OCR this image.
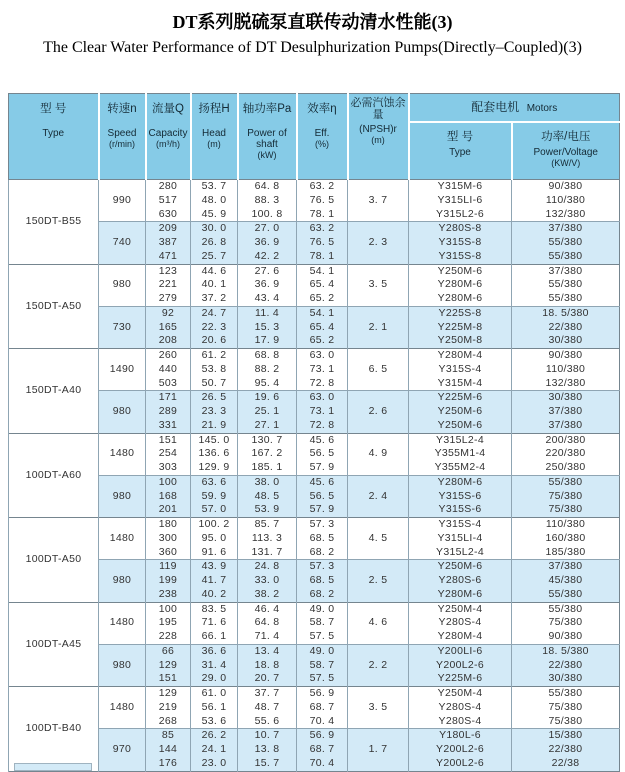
DT系列脱硫泵直联传动清水性能(3)
The Clear Water Performance of DT Desulphurization Pumps(Directly–Coupled)(3)
型 号
Type

转速n
Speed
(r/min)

流量Q
Capacity
(m³/h)

扬程H
Head
(m)

轴功率Pa
Power of shaft
(kW)

效率η
Eff.
(%)

必需汽蚀余量
(NPSH)r
(m)
	配套电机 Motors

型 号
Type

功率/电压
Power/Voltage
(KW/V)

150DT-B55	990	280	53. 7	64. 8	63. 2	3. 7	Y315M-6	90/380
		517	48. 0	88. 3	76. 5		Y315LI-6	110/380
		630	45. 9	100. 8	78. 1		Y315L2-6	132/380
	740	209	30. 0	27. 0	63. 2	2. 3	Y280S-8	37/380
		387	26. 8	36. 9	76. 5		Y315S-8	55/380
		471	25. 7	42. 2	78. 1		Y315S-8	55/380
150DT-A50	980	123	44. 6	27. 6	54. 1	3. 5	Y250M-6	37/380
		221	40. 1	36. 9	65. 4		Y280M-6	55/380
		279	37. 2	43. 4	65. 2		Y280M-6	55/380
	730	92	24. 7	11. 4	54. 1	2. 1	Y225S-8	18. 5/380
		165	22. 3	15. 3	65. 4		Y225M-8	22/380
		208	20. 6	17. 9	65. 2		Y250M-8	30/380
150DT-A40	1490	260	61. 2	68. 8	63. 0	6. 5	Y280M-4	90/380
		440	53. 8	88. 2	73. 1		Y315S-4	110/380
		503	50. 7	95. 4	72. 8		Y315M-4	132/380
	980	171	26. 5	19. 6	63. 0	2. 6	Y225M-6	30/380
		289	23. 3	25. 1	73. 1		Y250M-6	37/380
		331	21. 9	27. 1	72. 8		Y250M-6	37/380
100DT-A60	1480	151	145. 0	130. 7	45. 6	4. 9	Y315L2-4	200/380
		254	136. 6	167. 2	56. 5		Y355M1-4	220/380
		303	129. 9	185. 1	57. 9		Y355M2-4	250/380
	980	100	63. 6	38. 0	45. 6	2. 4	Y280M-6	55/380
		168	59. 9	48. 5	56. 5		Y315S-6	75/380
		201	57. 0	53. 9	57. 9		Y315S-6	75/380
100DT-A50	1480	180	100. 2	85. 7	57. 3	4. 5	Y315S-4	110/380
		300	95. 0	113. 3	68. 5		Y315LI-4	160/380
		360	91. 6	131. 7	68. 2		Y315L2-4	185/380
	980	119	43. 9	24. 8	57. 3	2. 5	Y250M-6	37/380
		199	41. 7	33. 0	68. 5		Y280S-6	45/380
		238	40. 2	38. 2	68. 2		Y280M-6	55/380
100DT-A45	1480	100	83. 5	46. 4	49. 0	4. 6	Y250M-4	55/380
		195	71. 6	64. 8	58. 7		Y280S-4	75/380
		228	66. 1	71. 4	57. 5		Y280M-4	90/380
	980	66	36. 6	13. 4	49. 0	2. 2	Y200LI-6	18. 5/380
		129	31. 4	18. 8	58. 7		Y200L2-6	22/380
		151	29. 0	20. 7	57. 5		Y225M-6	30/380
100DT-B40	1480	129	61. 0	37. 7	56. 9	3. 5	Y250M-4	55/380
		219	56. 1	48. 7	68. 7		Y280S-4	75/380
		268	53. 6	55. 6	70. 4		Y280S-4	75/380
	970	85	26. 2	10. 7	56. 9	1. 7	Y180L-6	15/380
		144	24. 1	13. 8	68. 7		Y200L2-6	22/380
		176	23. 0	15. 7	70. 4		Y200L2-6	22/38
